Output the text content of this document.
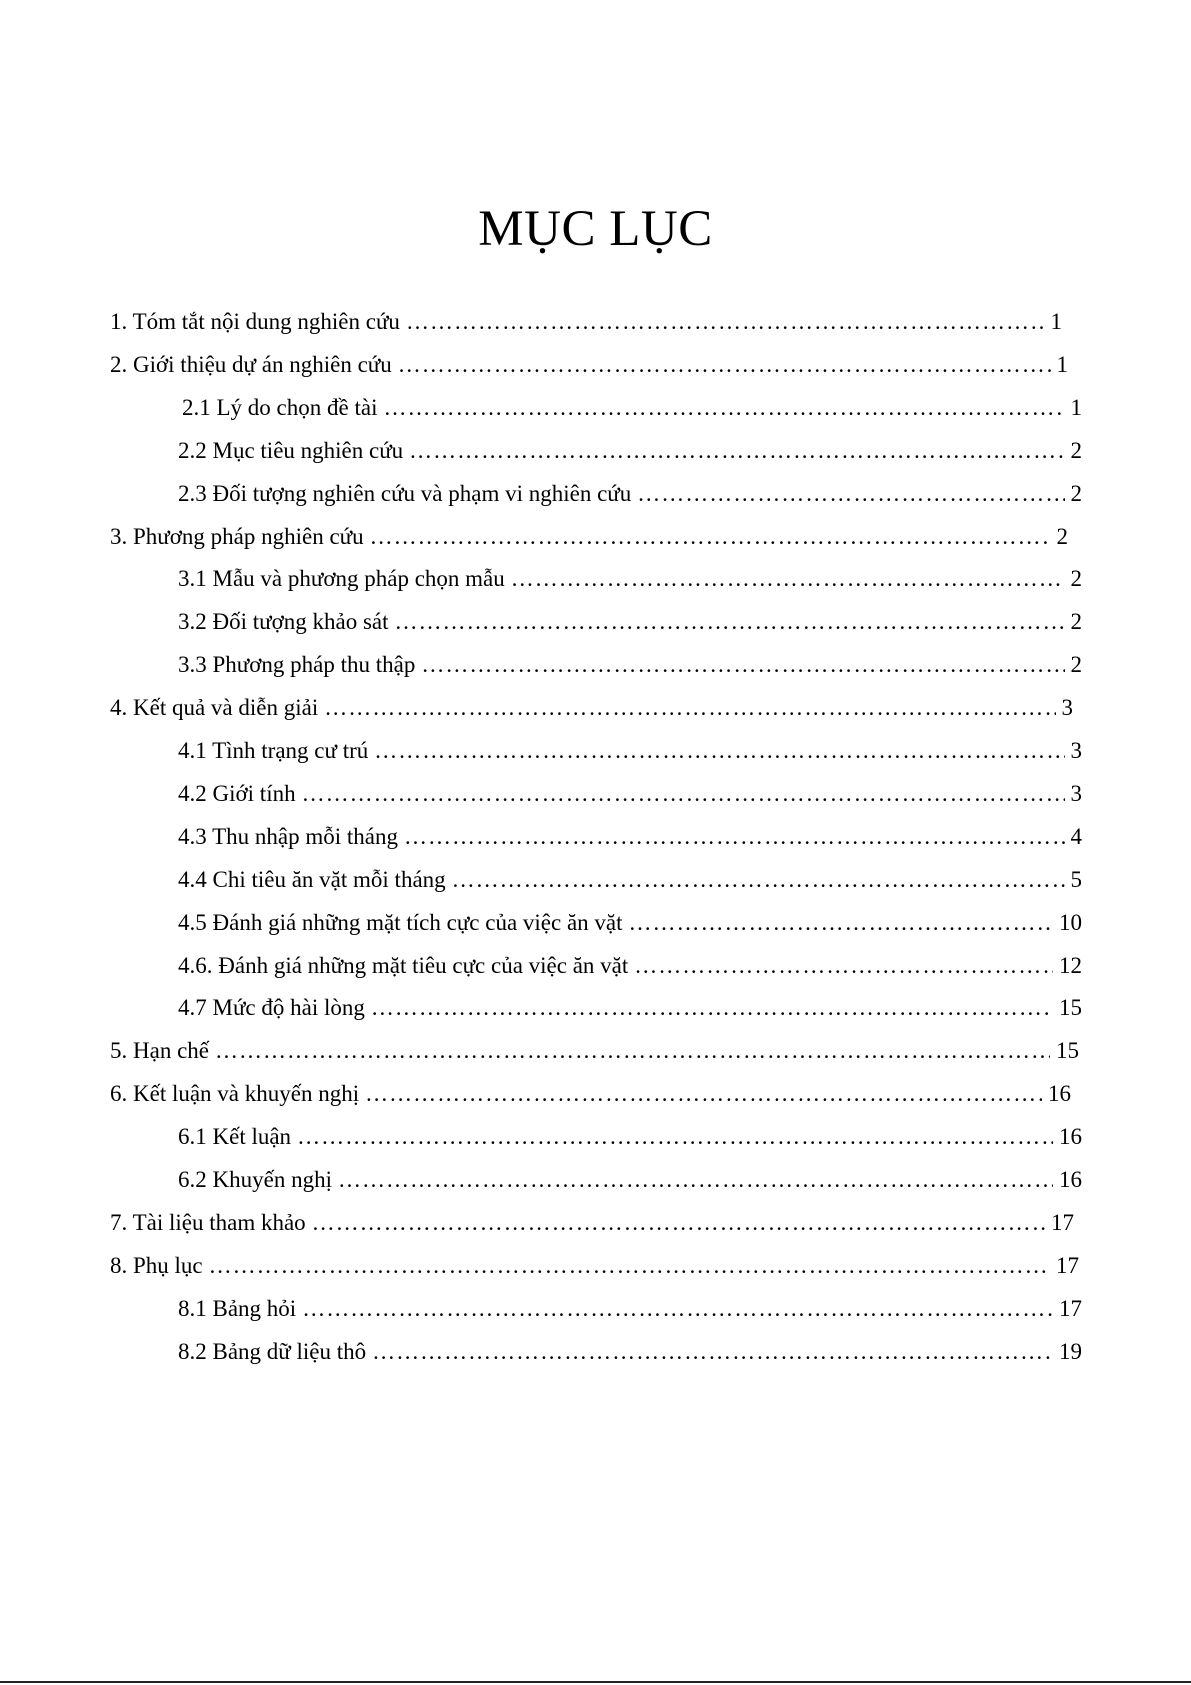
MỤC LỤC
1. Tóm tắt nội dung nghiên cứu …………………………………………………………………………………………………………………………………………………………………………………………………………………………	1
2. Giới thiệu dự án nghiên cứu …………………………………………………………………………………………………………………………………………………………………………………………………………………………	1
2.1 Lý do chọn đề tài …………………………………………………………………………………………………………………………………………………………………………………………………………………………	1
2.2 Mục tiêu nghiên cứu …………………………………………………………………………………………………………………………………………………………………………………………………………………………	2
2.3 Đối tượng nghiên cứu và phạm vi nghiên cứu …………………………………………………………………………………………………………………………………………………………………………………………………………………………	2
3. Phương pháp nghiên cứu …………………………………………………………………………………………………………………………………………………………………………………………………………………………	2
3.1 Mẫu và phương pháp chọn mẫu …………………………………………………………………………………………………………………………………………………………………………………………………………………………	2
3.2 Đối tượng khảo sát …………………………………………………………………………………………………………………………………………………………………………………………………………………………	2
3.3 Phương pháp thu thập …………………………………………………………………………………………………………………………………………………………………………………………………………………………	2
4. Kết quả và diễn giải …………………………………………………………………………………………………………………………………………………………………………………………………………………………	3
4.1 Tình trạng cư trú …………………………………………………………………………………………………………………………………………………………………………………………………………………………	3
4.2 Giới tính …………………………………………………………………………………………………………………………………………………………………………………………………………………………	3
4.3 Thu nhập mỗi tháng …………………………………………………………………………………………………………………………………………………………………………………………………………………………	4
4.4 Chi tiêu ăn vặt mỗi tháng …………………………………………………………………………………………………………………………………………………………………………………………………………………………	5
4.5 Đánh giá những mặt tích cực của việc ăn vặt …………………………………………………………………………………………………………………………………………………………………………………………………………………………	10
4.6. Đánh giá những mặt tiêu cực của việc ăn vặt …………………………………………………………………………………………………………………………………………………………………………………………………………………………	12
4.7 Mức độ hài lòng …………………………………………………………………………………………………………………………………………………………………………………………………………………………	15
5. Hạn chế …………………………………………………………………………………………………………………………………………………………………………………………………………………………	15
6. Kết luận và khuyến nghị …………………………………………………………………………………………………………………………………………………………………………………………………………………………	16
6.1 Kết luận …………………………………………………………………………………………………………………………………………………………………………………………………………………………	16
6.2 Khuyến nghị …………………………………………………………………………………………………………………………………………………………………………………………………………………………	16
7. Tài liệu tham khảo …………………………………………………………………………………………………………………………………………………………………………………………………………………………	17
8. Phụ lục …………………………………………………………………………………………………………………………………………………………………………………………………………………………	17
8.1 Bảng hỏi …………………………………………………………………………………………………………………………………………………………………………………………………………………………	17
8.2 Bảng dữ liệu thô …………………………………………………………………………………………………………………………………………………………………………………………………………………………	19
